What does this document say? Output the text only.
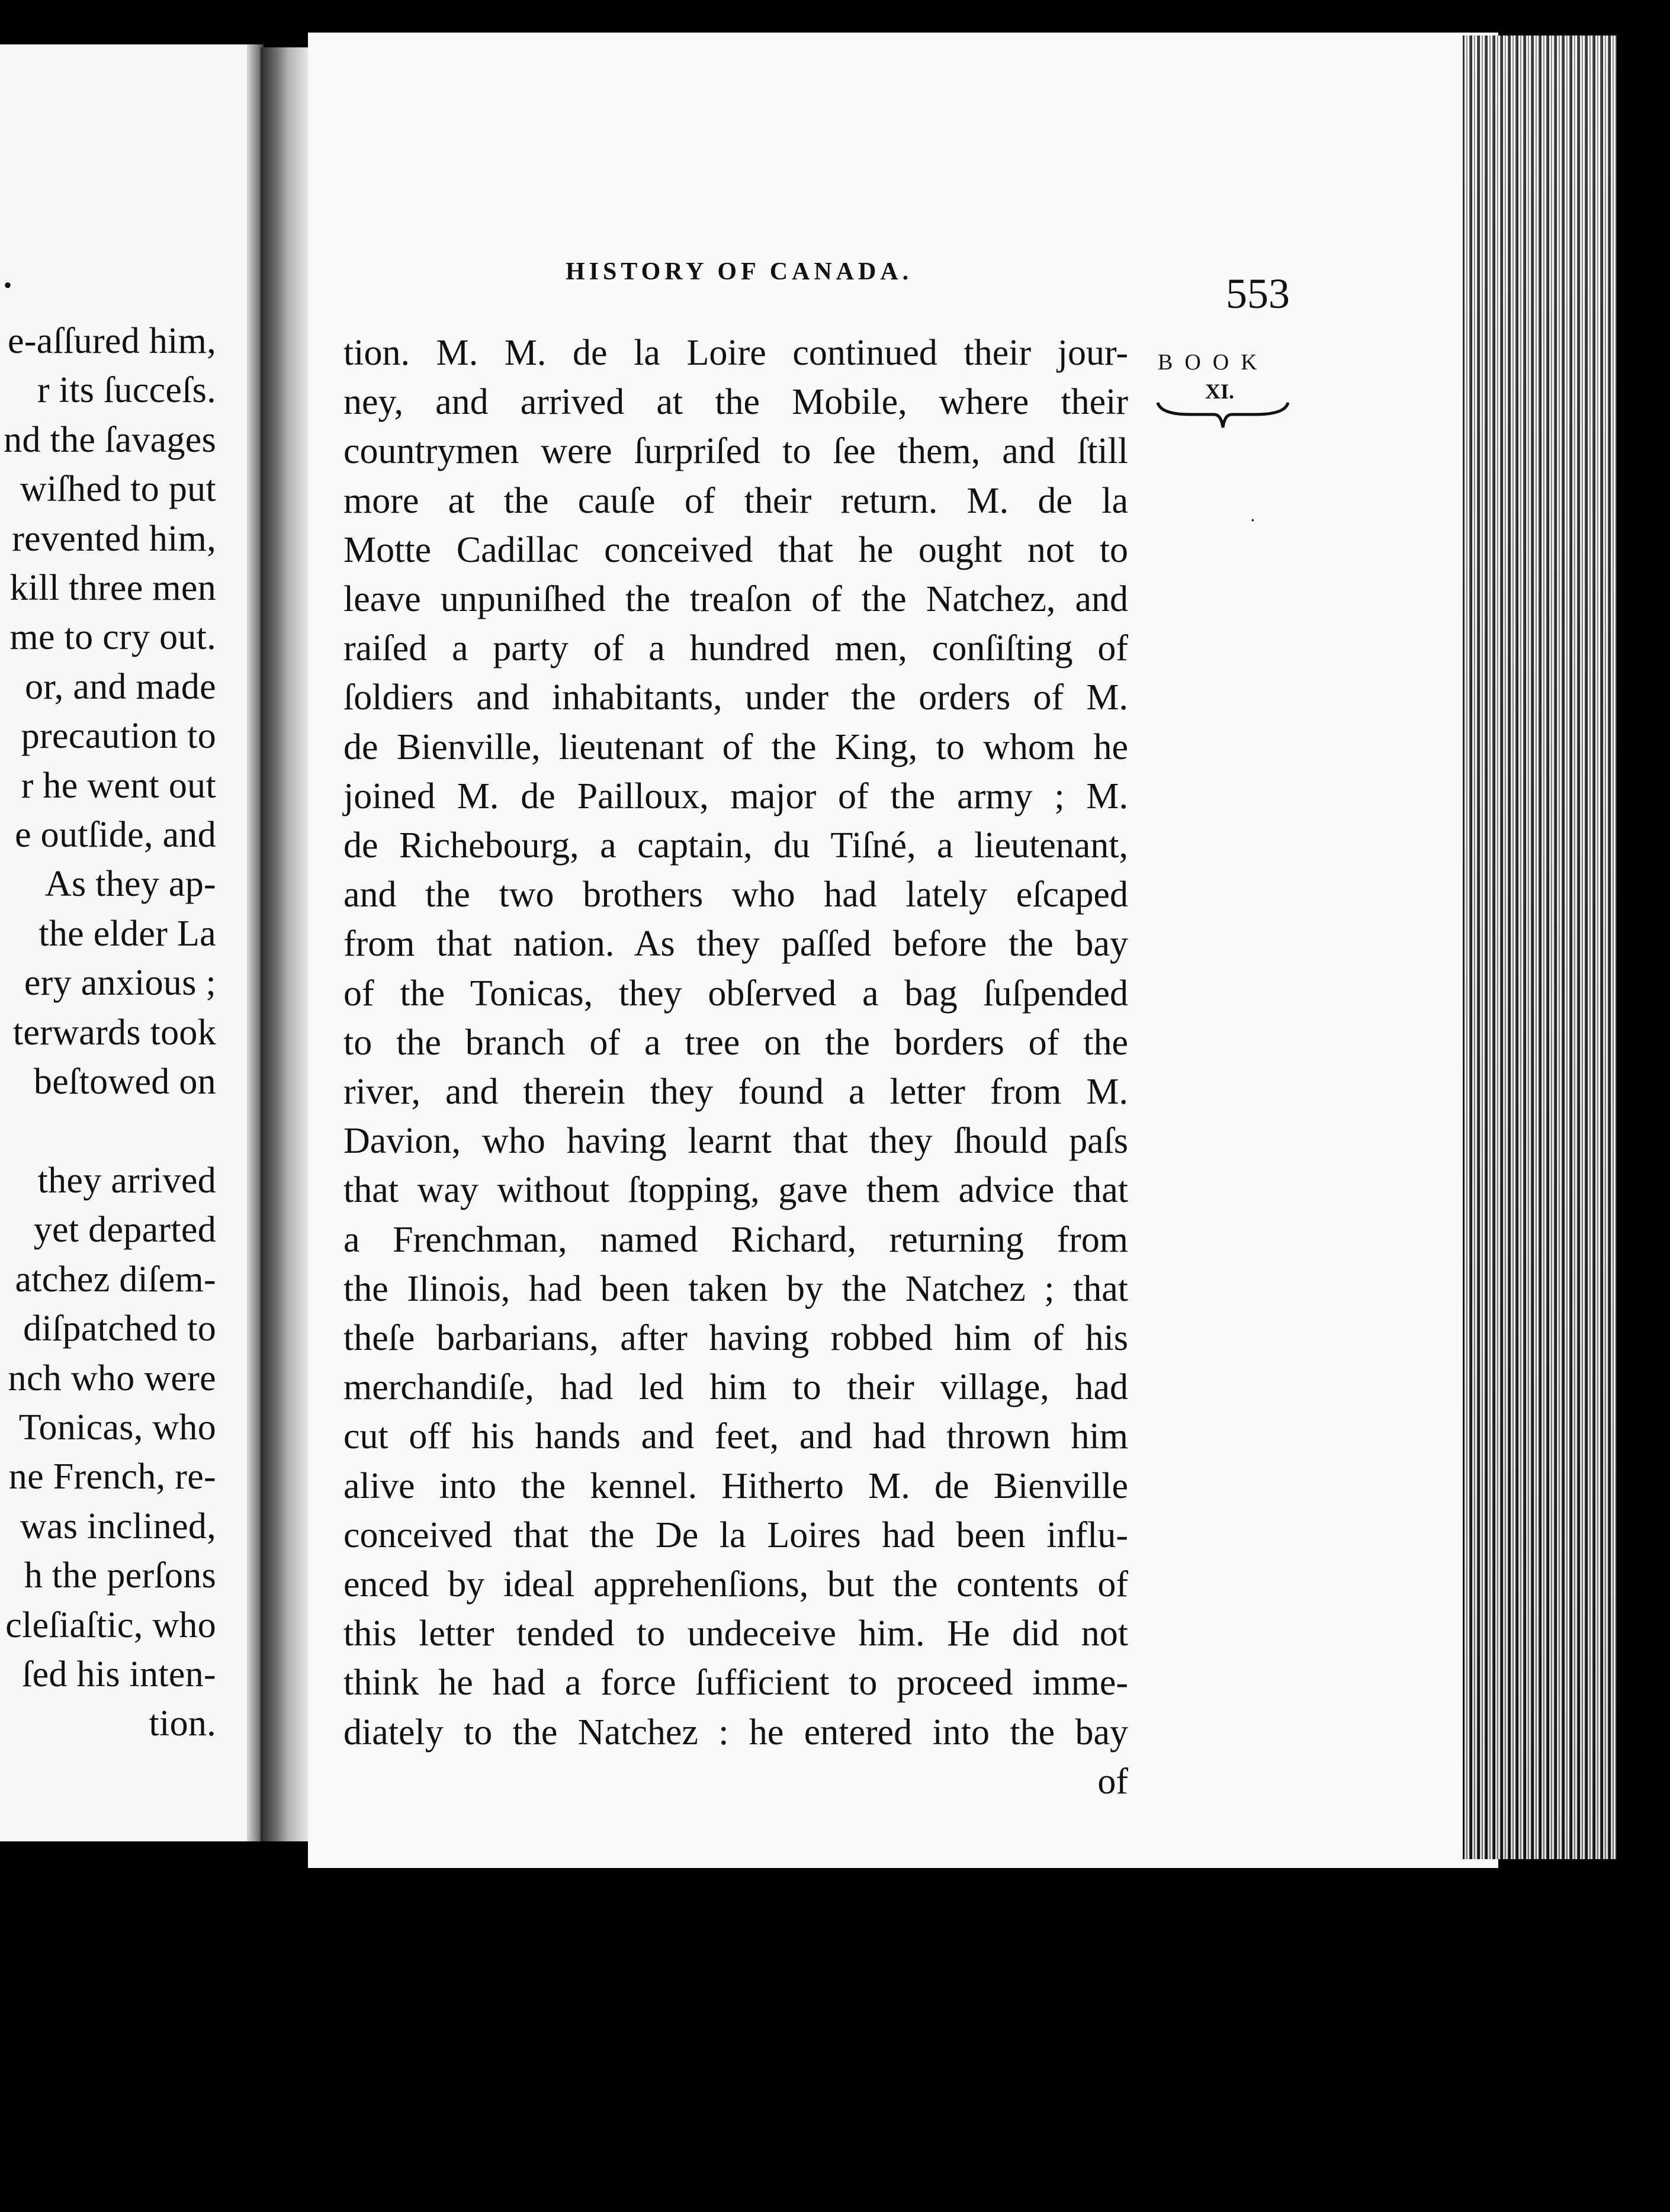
•
e-aſſured him,
r its ſucceſs.
nd the ſavages
wiſhed to put
revented him,
kill three men
me to cry out.
or, and made
precaution to
r he went out
e outſide, and
As they ap-
the elder La
ery anxious ;
terwards took
beſtowed on

they arrived
yet departed
atchez diſem-
diſpatched to
nch who were
Tonicas, who
ne French, re-
was inclined,
h the perſons
cleſiaſtic, who
ſed his inten-
tion.
HISTORY OF CANADA.	553
BOOK
XI.
·
tion. M. M. de la Loire continued their jour-
ney, and arrived at the Mobile, where their
countrymen were ſurpriſed to ſee them, and ſtill
more at the cauſe of their return. M. de la
Motte Cadillac conceived that he ought not to
leave unpuniſhed the treaſon of the Natchez, and
raiſed a party of a hundred men, conſiſting of
ſoldiers and inhabitants, under the orders of M.
de Bienville, lieutenant of the King, to whom he
joined M. de Pailloux, major of the army ; M.
de Richebourg, a captain, du Tiſné, a lieutenant,
and the two brothers who had lately eſcaped
from that nation. As they paſſed before the bay
of the Tonicas, they obſerved a bag ſuſpended
to the branch of a tree on the borders of the
river, and therein they found a letter from M.
Davion, who having learnt that they ſhould paſs
that way without ſtopping, gave them advice that
a Frenchman, named Richard, returning from
the Ilinois, had been taken by the Natchez ; that
theſe barbarians, after having robbed him of his
merchandiſe, had led him to their village, had
cut off his hands and feet, and had thrown him
alive into the kennel. Hitherto M. de Bienville
conceived that the De la Loires had been influ-
enced by ideal apprehenſions, but the contents of
this letter tended to undeceive him. He did not
think he had a force ſufficient to proceed imme-
diately to the Natchez : he entered into the bay
of
